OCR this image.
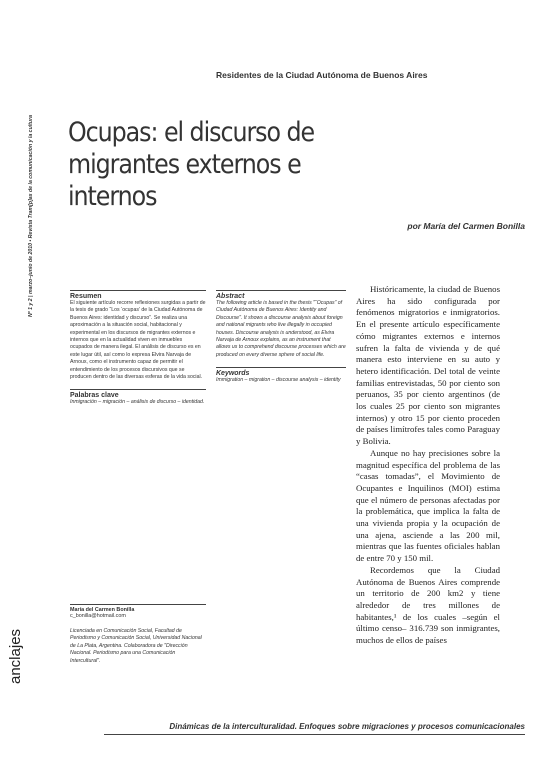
Nº 1 y 2 | marzo–junio de 2010 • Revista Tram[p]as de la comunicación y la cultura
anclajes
Residentes de la Ciudad Autónoma de Buenos Aires
Ocupas: el discurso de migrantes externos e internos
por María del Carmen Bonilla
Resumen
El siguiente artículo recorre reflexiones surgidas a partir de la tesis de grado “Los ‘ocupas’ de la Ciudad Autónoma de Buenos Aires: identidad y discurso”. Se realiza una aproximación a la situación social, habitacional y experimental en los discursos de migrantes externos e internos que en la actualidad viven en inmuebles ocupados de manera ilegal. El análisis de discurso es en este lugar útil, así como lo expresa Elvira Narvaja de Arnoux, como el instrumento capaz de permitir el entendimiento de los procesos discursivos que se producen dentro de las diversas esferas de la vida social.
Palabras clave
Inmigración – migración – análisis de discurso – identidad.
Abstract
The following article is based in the thesis "“Ocupas” of Ciudad Autónoma de Buenos Aires: Identity and Discourse". It shows a discourse analysis about foreign and national migrants who live illegally in occupied houses. Discourse analysis is understood, as Elvira Narvaja de Arnoux explains, as an instrument that allows us to comprehend discourse processes which are produced on every diverse sphere of social life.
Keywords
Immigration – migration – discourse analysis – identity
María del Carmen Bonilla
c_bonilla@hotmail.com
Licenciada en Comunicación Social, Facultad de Periodismo y Comunicación Social, Universidad Nacional de La Plata, Argentina. Colaboradora de "Dirección Nacional. Periodismo para una Comunicación Intercultural".

Históricamente, la ciudad de Buenos Aires ha sido configurada por fenómenos migratorios e inmigratorios. En el presente artículo específicamente cómo migrantes externos e internos sufren la falta de vivienda y de qué manera esto interviene en su auto y hetero identificación. Del total de veinte familias entrevistadas, 50 por ciento son peruanos, 35 por ciento argentinos (de los cuales 25 por ciento son migrantes internos) y otro 15 por ciento proceden de países limítrofes tales como Paraguay y Bolivia.

Aunque no hay precisiones sobre la magnitud específica del problema de las “casas tomadas”, el Movimiento de Ocupantes e Inquilinos (MOI) estima que el número de personas afectadas por la problemática, que implica la falta de una vivienda propia y la ocupación de una ajena, asciende a las 200 mil, mientras que las fuentes oficiales hablan de entre 70 y 150 mil.

Recordemos que la Ciudad Autónoma de Buenos Aires comprende un territorio de 200 km2 y tiene alrededor de tres millones de habitantes,¹ de los cuales –según el último censo– 316.739 son inmigrantes, muchos de ellos de países

Dinámicas de la interculturalidad. Enfoques sobre migraciones y procesos comunicacionales
